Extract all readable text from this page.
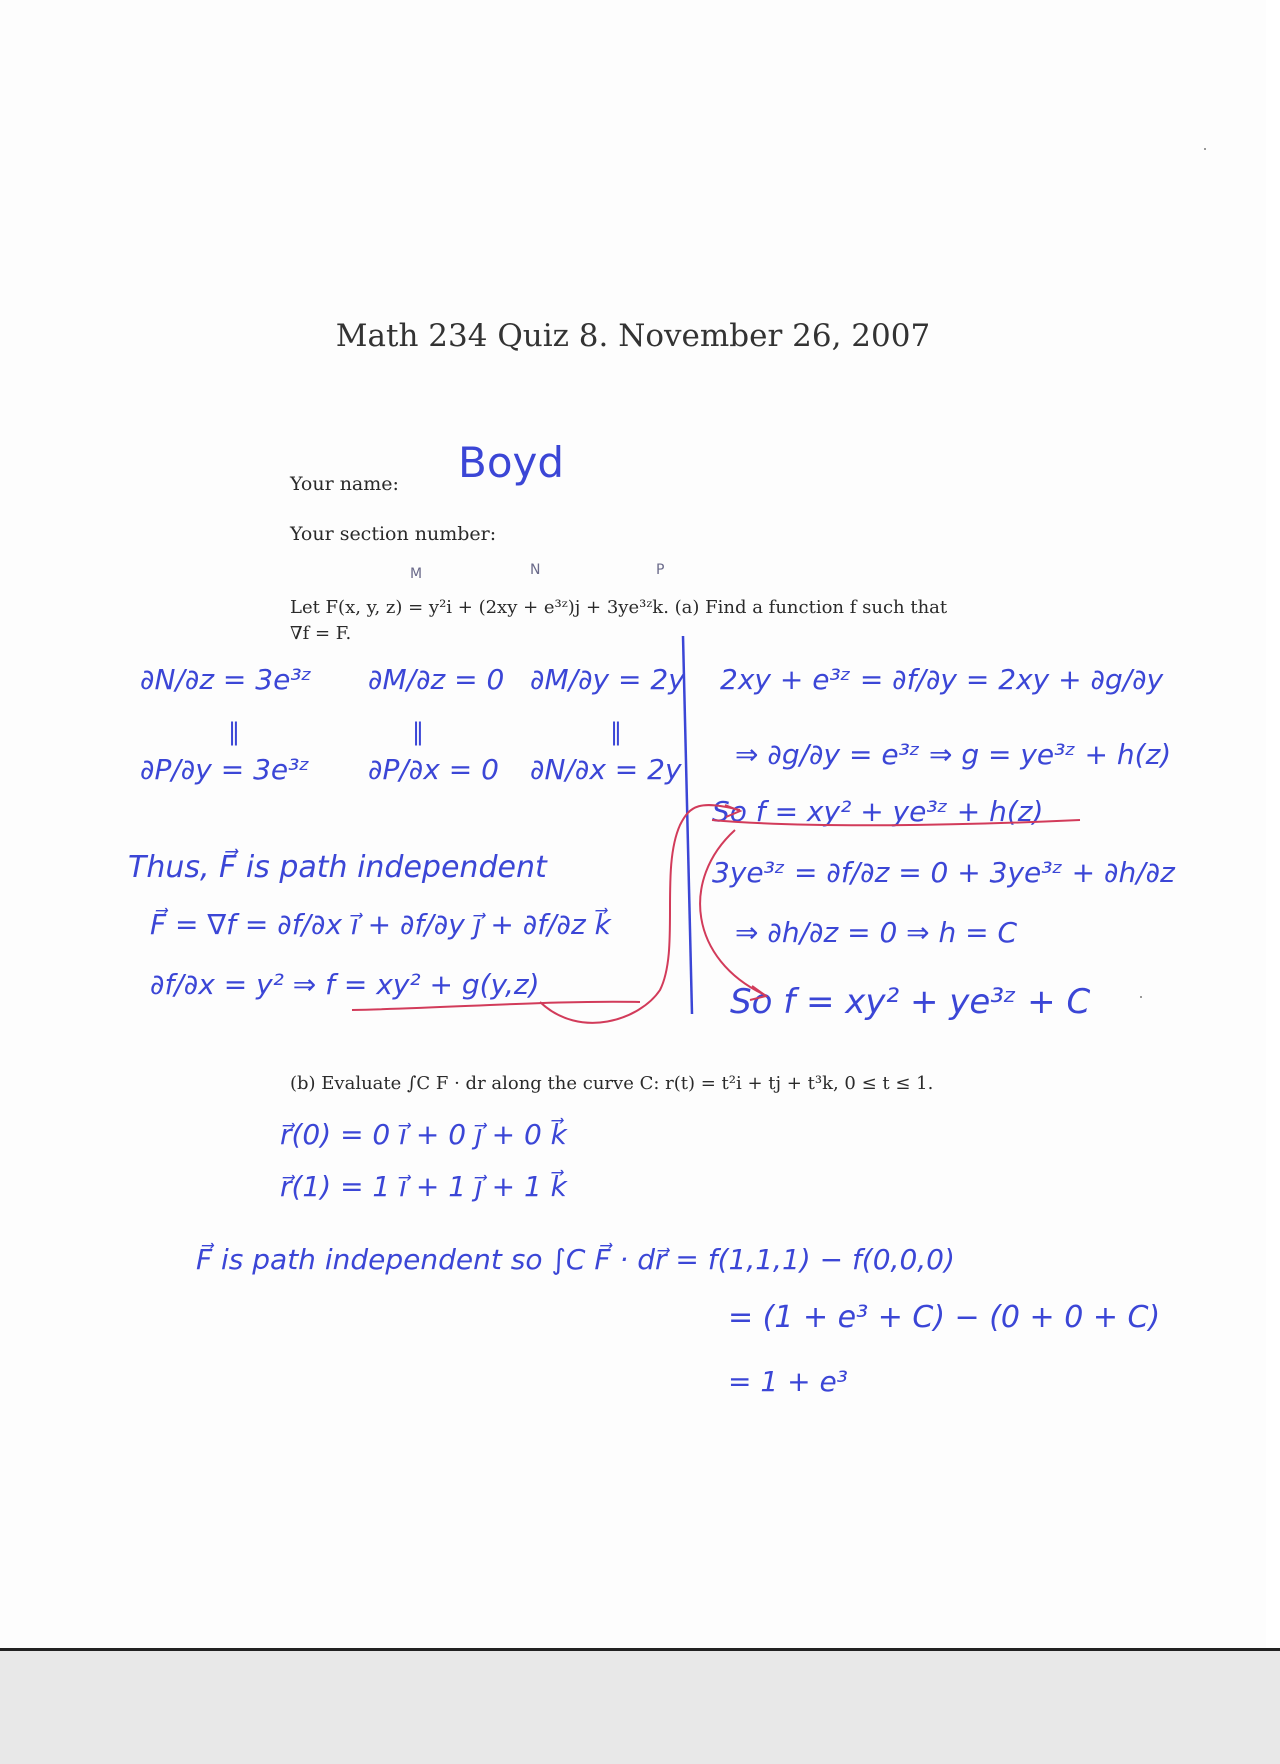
Math 234 Quiz 8. November 26, 2007
Your name: Boyd
Your section number:
M	N	P
Let F(x, y, z) = y²i + (2xy + e³ᶻ)j + 3ye³ᶻk. (a) Find a function f such that
∇f = F.
∂N/∂z = 3e³ᶻ ∂M/∂z = 0 ∂M/∂y = 2y
‖	‖	‖
∂P/∂y = 3e³ᶻ ∂P/∂x = 0 ∂N/∂x = 2y
Thus, F⃗ is path independent
F⃗ = ∇f = ∂f/∂x i⃗ + ∂f/∂y j⃗ + ∂f/∂z k⃗
∂f/∂x = y² ⇒ f = xy² + g(y,z)
2xy + e³ᶻ = ∂f/∂y = 2xy + ∂g/∂y
⇒ ∂g/∂y = e³ᶻ ⇒ g = ye³ᶻ + h(z)
So f = xy² + ye³ᶻ + h(z)
3ye³ᶻ = ∂f/∂z = 0 + 3ye³ᶻ + ∂h/∂z
⇒ ∂h/∂z = 0 ⇒ h = C
So f = xy² + ye³ᶻ + C
(b) Evaluate ∫C F · dr along the curve C: r(t) = t²i + tj + t³k, 0 ≤ t ≤ 1.
r⃗(0) = 0 i⃗ + 0 j⃗ + 0 k⃗
r⃗(1) = 1 i⃗ + 1 j⃗ + 1 k⃗
F⃗ is path independent so ∫C F⃗ · dr⃗ = f(1,1,1) − f(0,0,0)
= (1 + e³ + C) − (0 + 0 + C)
= 1 + e³
